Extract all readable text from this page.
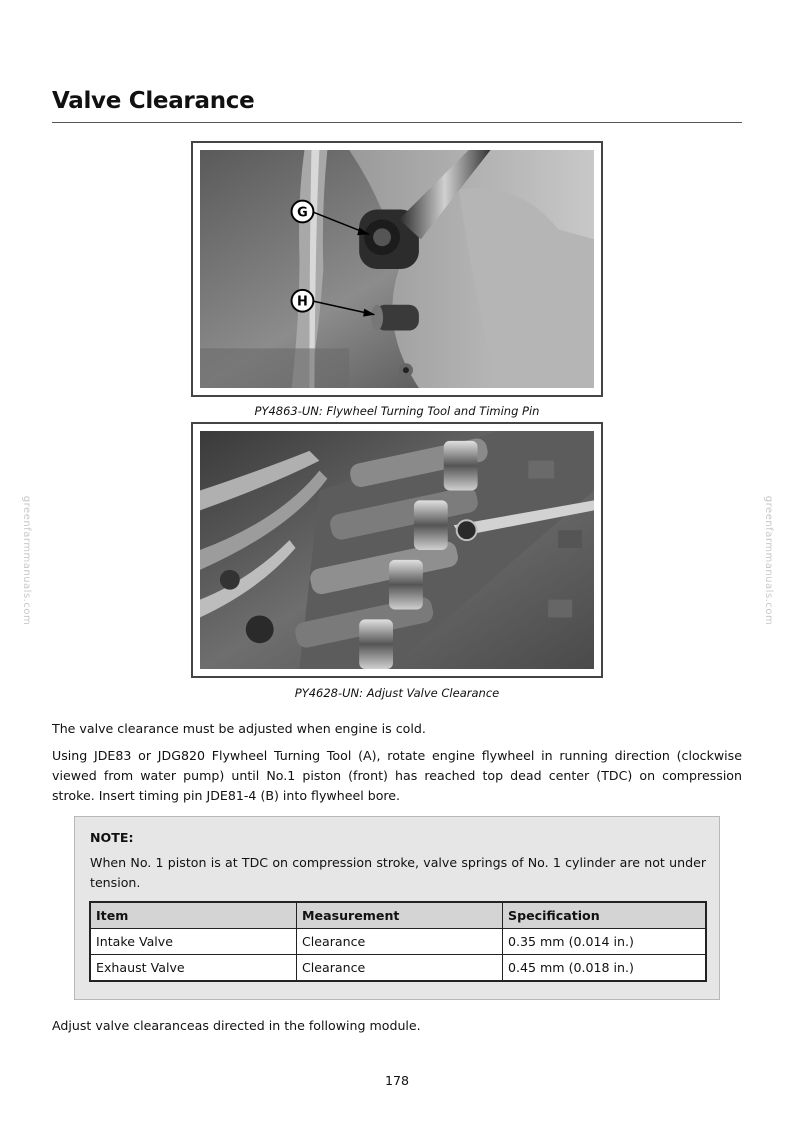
greenfarmmanuals.com	greenfarmmanuals.com
Valve Clearance
G
H
PY4863-UN: Flywheel Turning Tool and Timing Pin
PY4628-UN: Adjust Valve Clearance

The valve clearance must be adjusted when engine is cold.

Using JDE83 or JDG820 Flywheel Turning Tool (A), rotate engine flywheel in running direction (clockwise viewed from water pump) until No.1 piston (front) has reached top dead center (TDC) on compression stroke. Insert timing pin JDE81-4 (B) into flywheel bore.

NOTE:

When No. 1 piston is at TDC on compression stroke, valve springs of No. 1 cylinder are not under tension.

Item	Measurement	Specification
Intake Valve	Clearance	0.35 mm (0.014 in.)
Exhaust Valve	Clearance	0.45 mm (0.018 in.)

Adjust valve clearanceas directed in the following module.

178
